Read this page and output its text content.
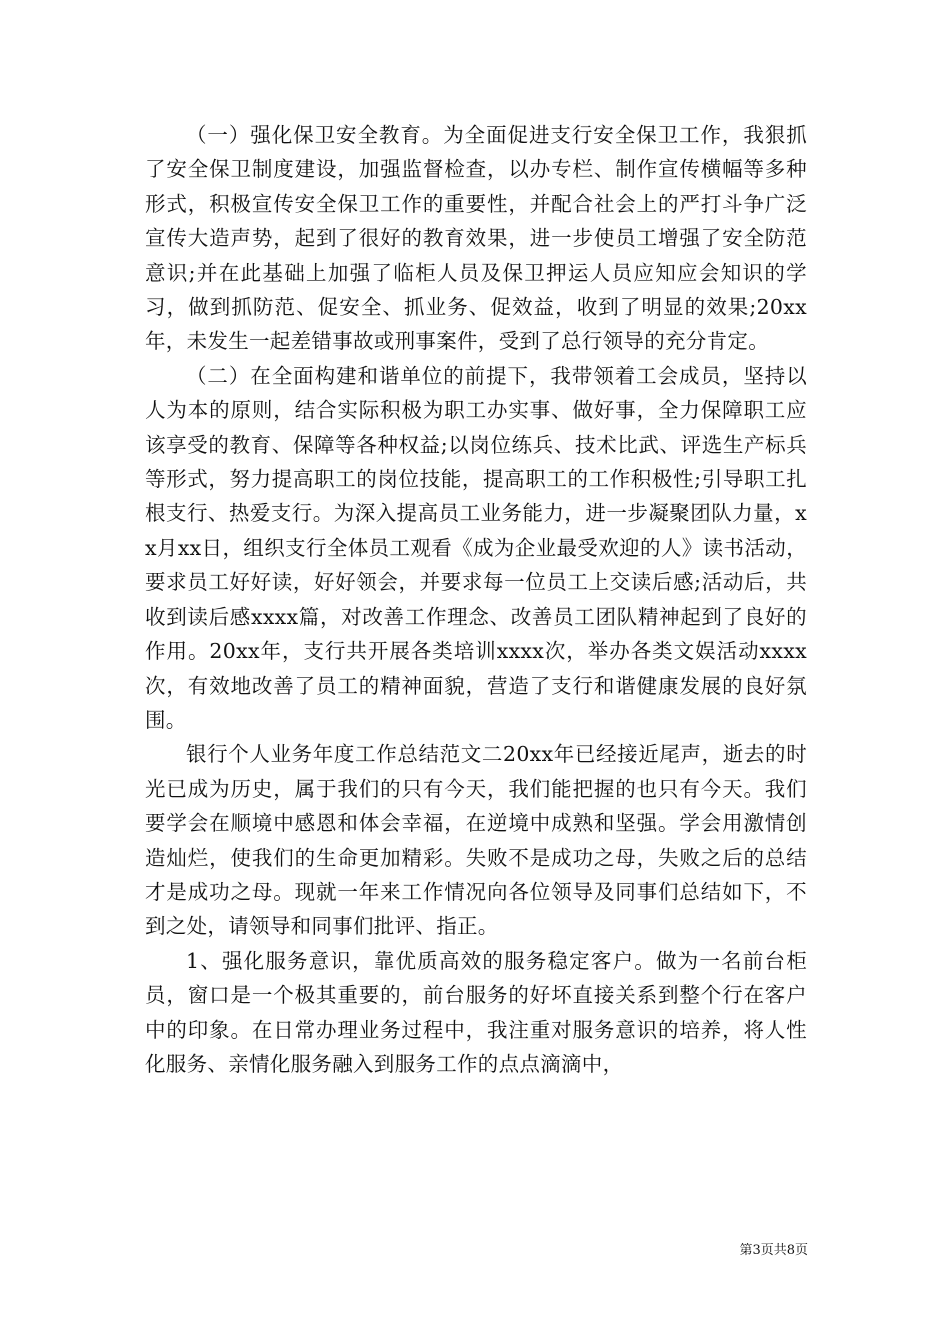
（一）强化保卫安全教育。为全面促进支行安全保卫工作，我狠抓了安全保卫制度建设，加强监督检查，以办专栏、制作宣传横幅等多种形式，积极宣传安全保卫工作的重要性，并配合社会上的严打斗争广泛宣传大造声势，起到了很好的教育效果，进一步使员工增强了安全防范意识;并在此基础上加强了临柜人员及保卫押运人员应知应会知识的学习，做到抓防范、促安全、抓业务、促效益，收到了明显的效果;20xx年，未发生一起差错事故或刑事案件，受到了总行领导的充分肯定。

（二）在全面构建和谐单位的前提下，我带领着工会成员，坚持以人为本的原则，结合实际积极为职工办实事、做好事，全力保障职工应该享受的教育、保障等各种权益;以岗位练兵、技术比武、评选生产标兵等形式，努力提高职工的岗位技能，提高职工的工作积极性;引导职工扎根支行、热爱支行。为深入提高员工业务能力，进一步凝聚团队力量，xx月xx日，组织支行全体员工观看《成为企业最受欢迎的人》读书活动，要求员工好好读，好好领会，并要求每一位员工上交读后感;活动后，共收到读后感xxxx篇，对改善工作理念、改善员工团队精神起到了良好的作用。20xx年，支行共开展各类培训xxxx次，举办各类文娱活动xxxx次，有效地改善了员工的精神面貌，营造了支行和谐健康发展的良好氛围。

银行个人业务年度工作总结范文二20xx年已经接近尾声，逝去的时光已成为历史，属于我们的只有今天，我们能把握的也只有今天。我们要学会在顺境中感恩和体会幸福，在逆境中成熟和坚强。学会用激情创造灿烂，使我们的生命更加精彩。失败不是成功之母，失败之后的总结才是成功之母。现就一年来工作情况向各位领导及同事们总结如下，不到之处，请领导和同事们批评、指正。

1、强化服务意识，靠优质高效的服务稳定客户。做为一名前台柜员，窗口是一个极其重要的，前台服务的好坏直接关系到整个行在客户中的印象。在日常办理业务过程中，我注重对服务意识的培养，将人性化服务、亲情化服务融入到服务工作的点点滴滴中，

第3页共8页
